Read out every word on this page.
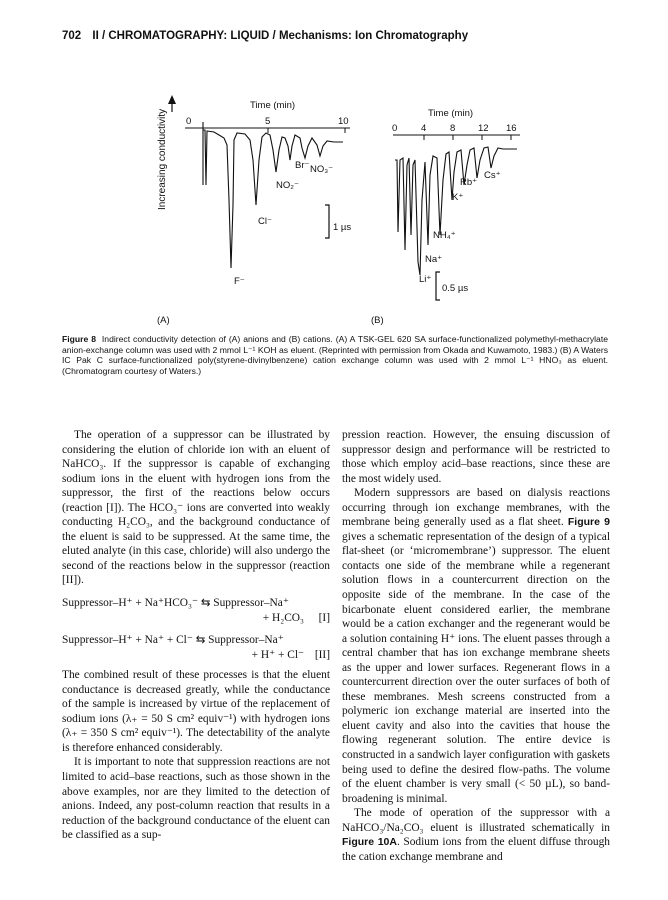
702 II / CHROMATOGRAPHY: LIQUID / Mechanisms: Ion Chromatography
Increasing conductivity
Time (min)
0	5	10
Cl⁻
F⁻
NO₂⁻
Br⁻ NO₃⁻
1 µs
(A)
Time (min)
0 4 8 12 16
Li⁺
Na⁺
NH₄⁺
K⁺
Rb⁺
Cs⁺
0.5 µs
(B)
Figure 8 Indirect conductivity detection of (A) anions and (B) cations. (A) A TSK-GEL 620 SA surface-functionalized polymethyl-methacrylate anion-exchange column was used with 2 mmol L⁻¹ KOH as eluent. (Reprinted with permission from Okada and Kuwamoto, 1983.) (B) A Waters IC Pak C surface-functionalized poly(styrene-divinylbenzene) cation exchange column was used with 2 mmol L⁻¹ HNO₃ as eluent. (Chromatogram courtesy of Waters.)

The operation of a suppressor can be illustrated by considering the elution of chloride ion with an eluent of NaHCO₃. If the suppressor is capable of exchanging sodium ions in the eluent with hydrogen ions from the suppressor, the first of the reactions below occurs (reaction [I]). The HCO₃⁻ ions are converted into weakly conducting H₂CO₃, and the background conductance of the eluent is said to be suppressed. At the same time, the eluted analyte (in this case, chloride) will also undergo the second of the reactions below in the suppressor (reaction [II]).

Suppressor–H⁺ + Na⁺HCO₃⁻ ⇆ Suppressor–Na⁺
+ H₂CO₃ [I]
Suppressor–H⁺ + Na⁺ + Cl⁻ ⇆ Suppressor–Na⁺
+ H⁺ + Cl⁻ [II]

The combined result of these processes is that the eluent conductance is decreased greatly, while the conductance of the sample is increased by virtue of the replacement of sodium ions (λ₊ = 50 S cm² equiv⁻¹) with hydrogen ions (λ₊ = 350 S cm² equiv⁻¹). The detectability of the analyte is therefore enhanced considerably.

It is important to note that suppression reactions are not limited to acid–base reactions, such as those shown in the above examples, nor are they limited to the detection of anions. Indeed, any post-column reaction that results in a reduction of the background conductance of the eluent can be classified as a sup-

pression reaction. However, the ensuing discussion of suppressor design and performance will be restricted to those which employ acid–base reactions, since these are the most widely used.

Modern suppressors are based on dialysis reactions occurring through ion exchange membranes, with the membrane being generally used as a flat sheet. Figure 9 gives a schematic representation of the design of a typical flat-sheet (or ‘micromembrane’) suppressor. The eluent contacts one side of the membrane while a regenerant solution flows in a countercurrent direction on the opposite side of the membrane. In the case of the bicarbonate eluent considered earlier, the membrane would be a cation exchanger and the regenerant would be a solution containing H⁺ ions. The eluent passes through a central chamber that has ion exchange membrane sheets as the upper and lower surfaces. Regenerant flows in a countercurrent direction over the outer surfaces of both of these membranes. Mesh screens constructed from a polymeric ion exchange material are inserted into the eluent cavity and also into the cavities that house the flowing regenerant solution. The entire device is constructed in a sandwich layer configuration with gaskets being used to define the desired flow-paths. The volume of the eluent chamber is very small (< 50 µL), so band-broadening is minimal.

The mode of operation of the suppressor with a NaHCO₃/Na₂CO₃ eluent is illustrated schematically in Figure 10A. Sodium ions from the eluent diffuse through the cation exchange membrane and
